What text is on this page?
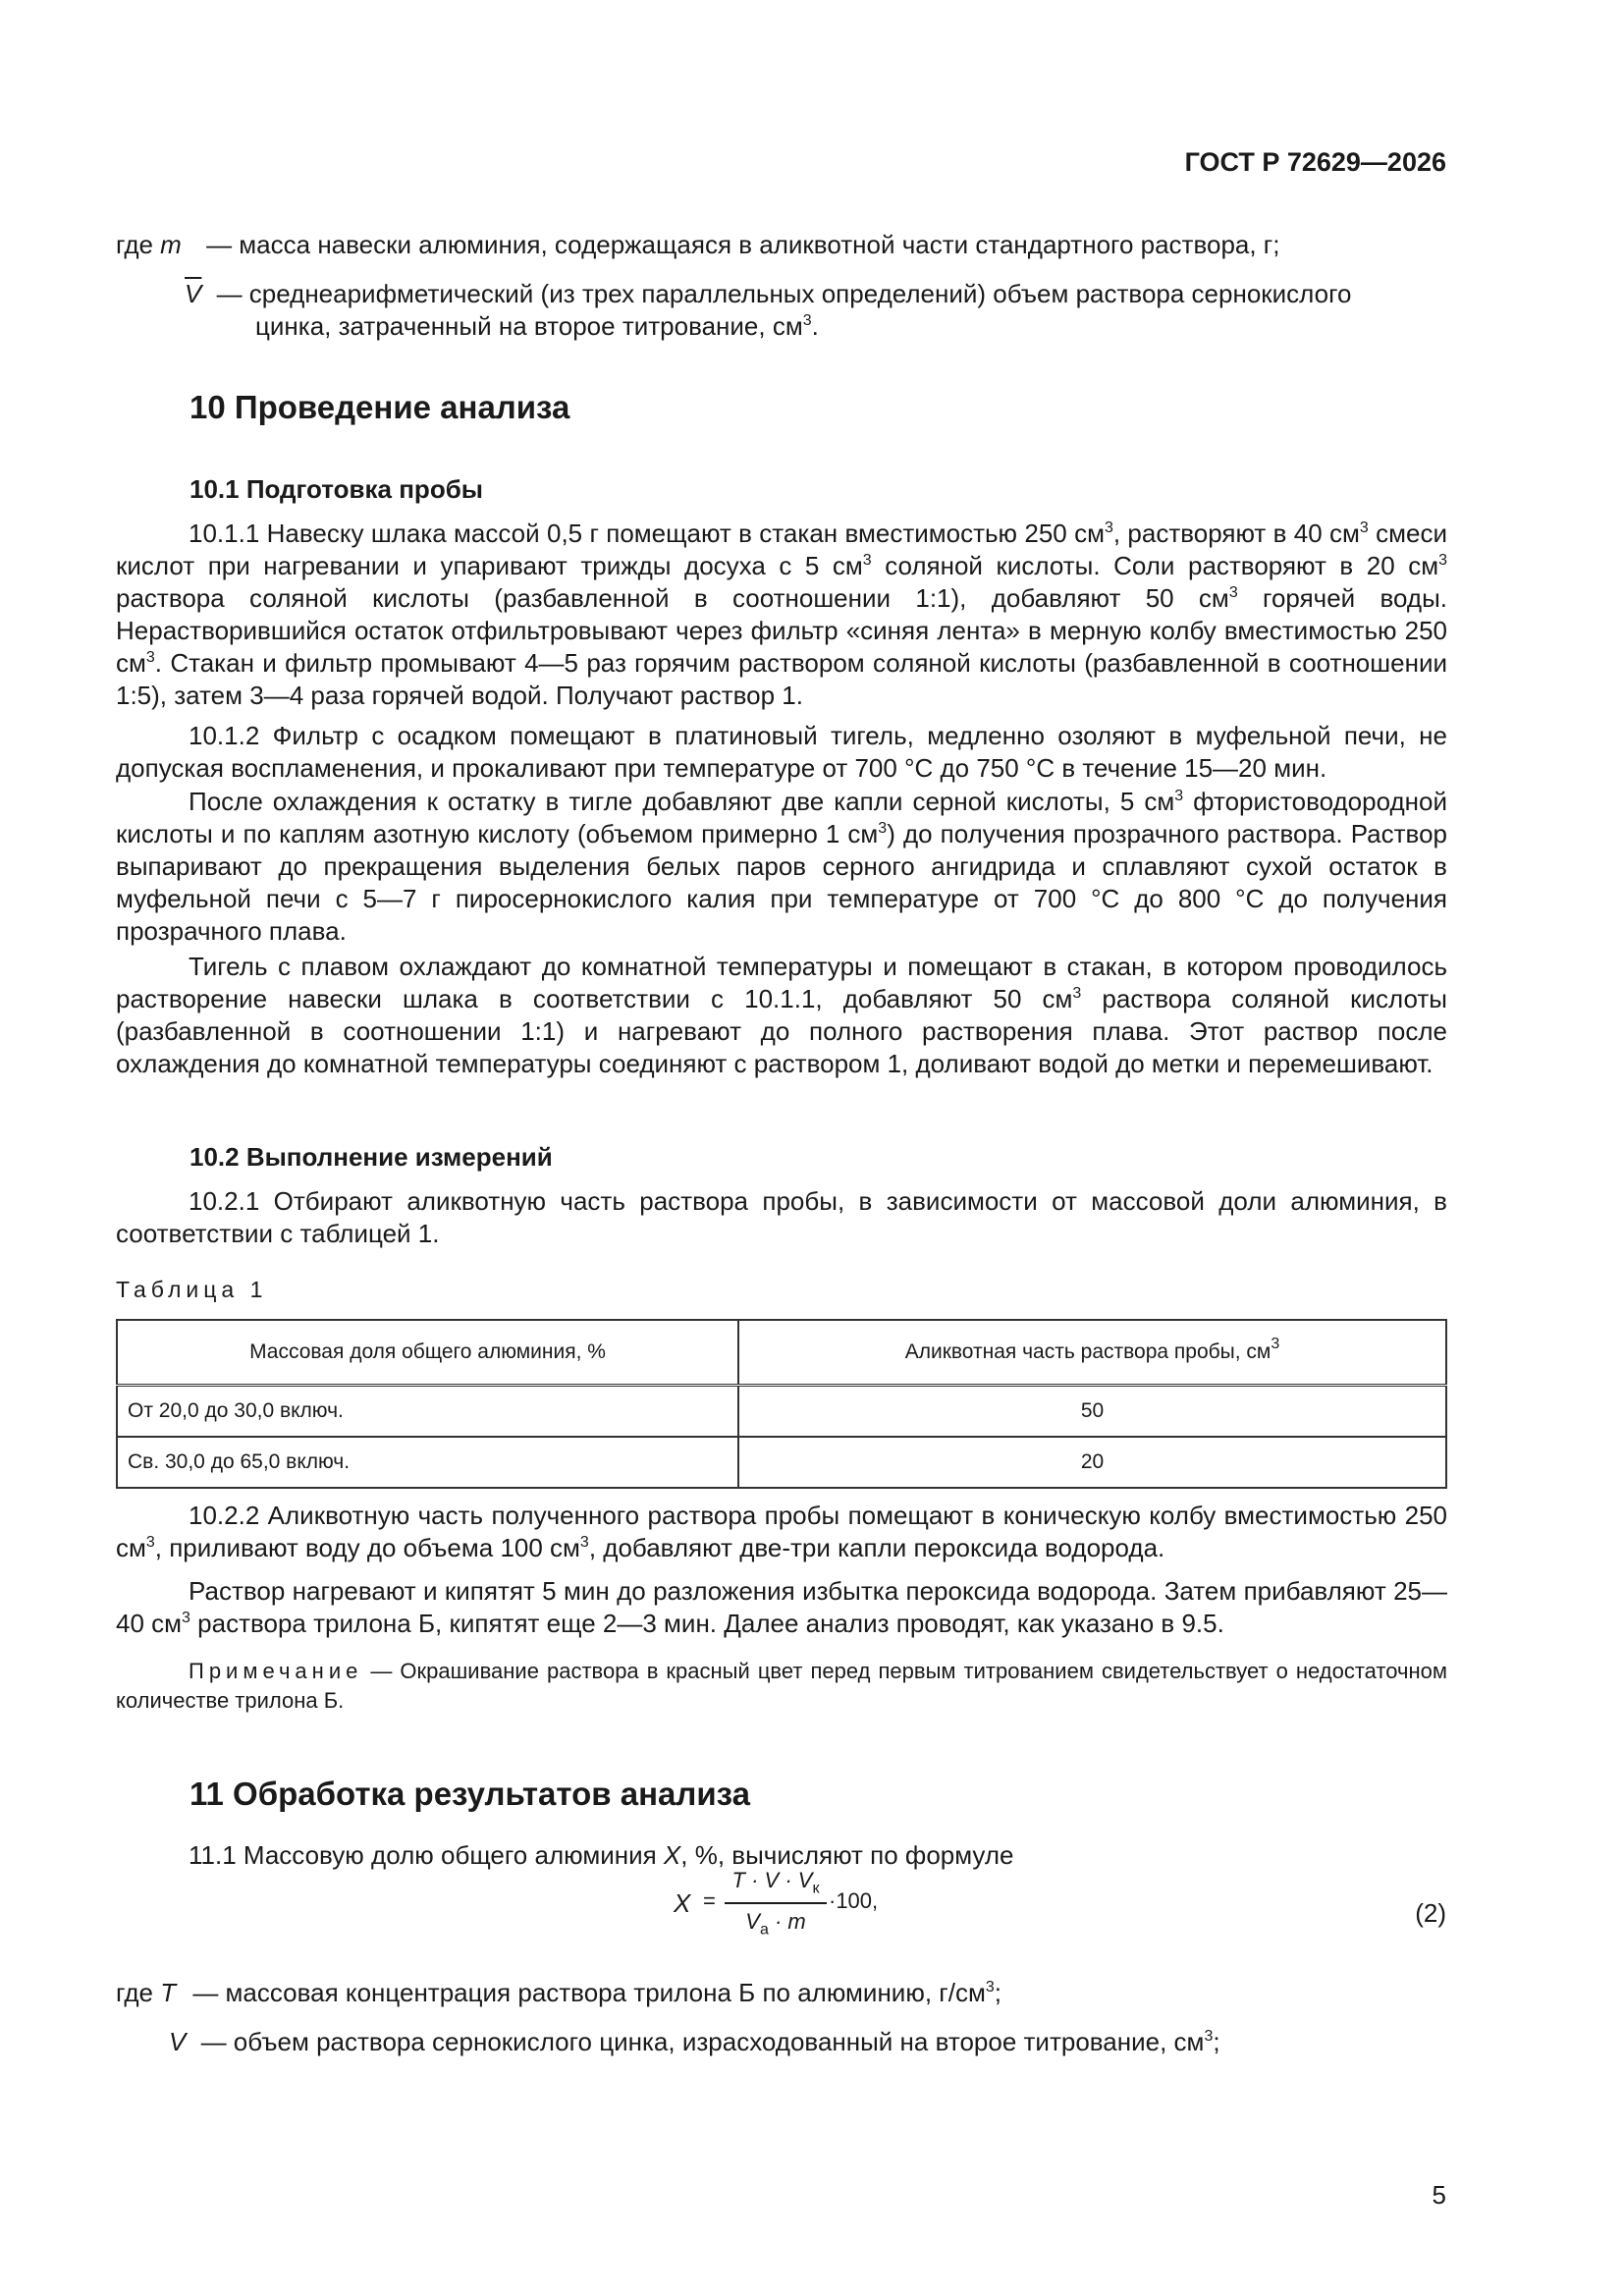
ГОСТ Р 72629—2026
где m — масса навески алюминия, содержащаяся в аликвотной части стандартного раствора, г;
$\overline{V}$ — среднеарифметический (из трех параллельных определений) объем раствора сернокислого
цинка, затраченный на второе титрование, $см^3$.
10 Проведение анализа
10.1 Подготовка пробы
10.1.1 Навеску шлака массой 0,5 г помещают в стакан вместимостью 250 $см^3$, растворяют в 40 $см^3$ смеси кислот при нагревании и упаривают трижды досуха с 5 $см^3$ соляной кислоты. Соли растворяют в 20 $см^3$ раствора соляной кислоты (разбавленной в соотношении 1:1), добавляют 50 $см^3$ горячей воды. Нерастворившийся остаток отфильтровывают через фильтр «синяя лента» в мерную колбу вместимостью 250 $см^3$. Стакан и фильтр промывают 4—5 раз горячим раствором соляной кислоты (разбавленной в соотношении 1:5), затем 3—4 раза горячей водой. Получают раствор 1.
10.1.2 Фильтр с осадком помещают в платиновый тигель, медленно озоляют в муфельной печи, не допуская воспламенения, и прокаливают при температуре от 700 °С до 750 °С в течение 15—20 мин.
После охлаждения к остатку в тигле добавляют две капли серной кислоты, 5 $см^3$ фтористоводородной кислоты и по каплям азотную кислоту (объемом примерно 1 $см^3$) до получения прозрачного раствора. Раствор выпаривают до прекращения выделения белых паров серного ангидрида и сплавляют сухой остаток в муфельной печи с 5—7 г пиросернокислого калия при температуре от 700 °С до 800 °С до получения прозрачного плава.
Тигель с плавом охлаждают до комнатной температуры и помещают в стакан, в котором проводилось растворение навески шлака в соответствии с 10.1.1, добавляют 50 $см^3$ раствора соляной кислоты (разбавленной в соотношении 1:1) и нагревают до полного растворения плава. Этот раствор после охлаждения до комнатной температуры соединяют с раствором 1, доливают водой до метки и перемешивают.
10.2 Выполнение измерений
10.2.1 Отбирают аликвотную часть раствора пробы, в зависимости от массовой доли алюминия, в соответствии с таблицей 1.
Таблица 1
Массовая доля общего алюминия, %	Аликвотная часть раствора пробы, $см^3$
От 20,0 до 30,0 включ.	50
Св. 30,0 до 65,0 включ.	20
10.2.2 Аликвотную часть полученного раствора пробы помещают в коническую колбу вместимостью 250 $см^3$, приливают воду до объема 100 $см^3$, добавляют две-три капли пероксида водорода.
Раствор нагревают и кипятят 5 мин до разложения избытка пероксида водорода. Затем прибавляют 25—40 $см^3$ раствора трилона Б, кипятят еще 2—3 мин. Далее анализ проводят, как указано в 9.5.
Примечание — Окрашивание раствора в красный цвет перед первым титрованием свидетельствует о недостаточном количестве трилона Б.
11 Обработка результатов анализа
11.1 Массовую долю общего алюминия X, %, вычисляют по формуле
X =
$T \cdot V \cdot V_к$
$V_а \cdot m$
·100,	(2)
где T — массовая концентрация раствора трилона Б по алюминию, $г/см^3$;
V — объем раствора сернокислого цинка, израсходованный на второе титрование, $см^3$;
5
